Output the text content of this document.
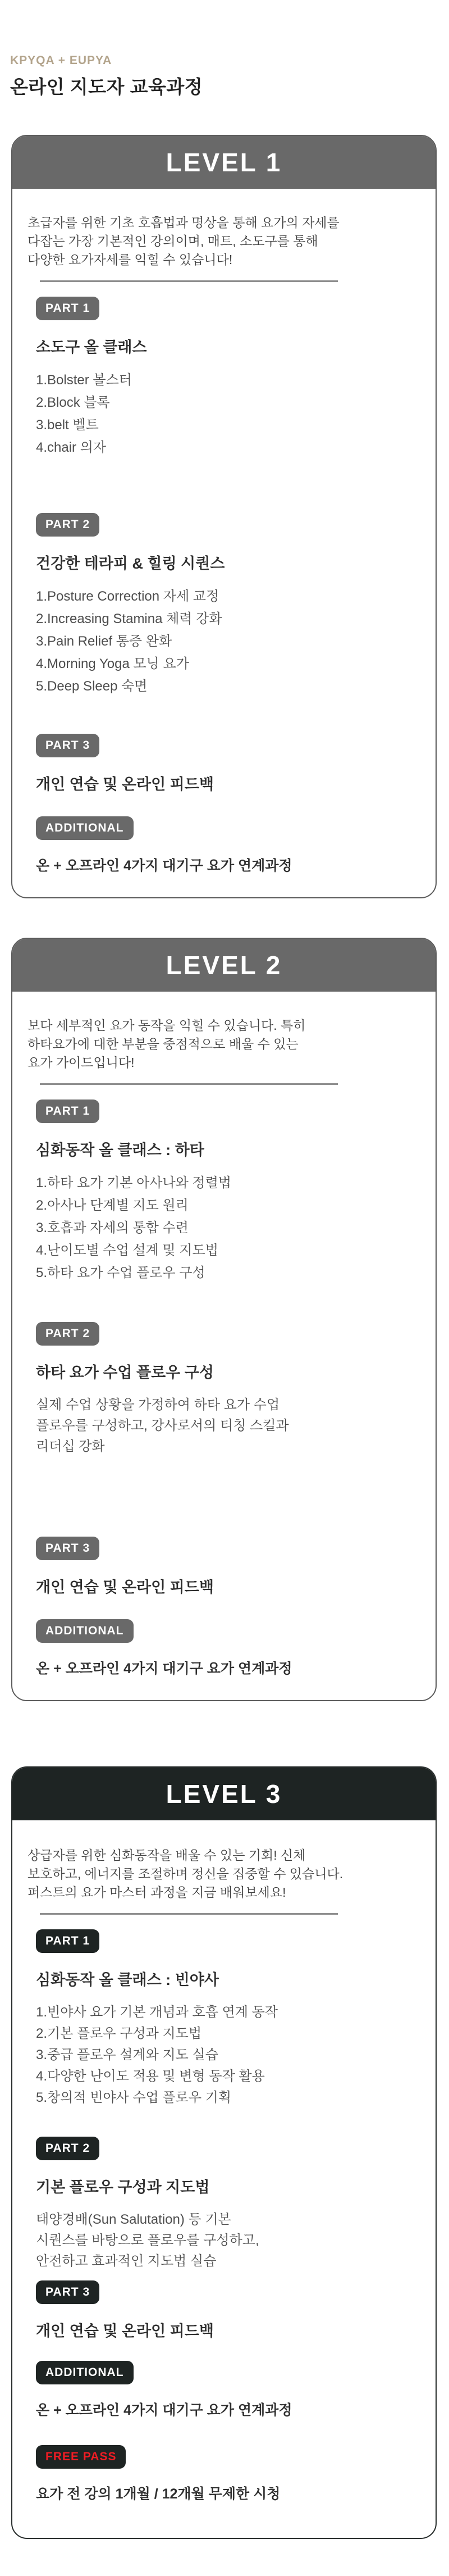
KPYQA + EUPYA
온라인 지도자 교육과정
LEVEL 1
초급자를 위한 기초 호흡법과 명상을 통해 요가의 자세를
다잡는 가장 기본적인 강의이며, 매트, 소도구를 통해
다양한 요가자세를 익힐 수 있습니다!
PART 1
소도구 올 클래스
1.Bolster 볼스터
2.Block 블록
3.belt 벨트
4.chair 의자
PART 2
건강한 테라피 & 힐링 시퀀스
1.Posture Correction 자세 교정
2.Increasing Stamina 체력 강화
3.Pain Relief 통증 완화
4.Morning Yoga 모닝 요가
5.Deep Sleep 숙면
PART 3
개인 연습 및 온라인 피드백
ADDITIONAL
온 + 오프라인 4가지 대기구 요가 연계과정
LEVEL 2
보다 세부적인 요가 동작을 익힐 수 있습니다. 특히
하타요가에 대한 부분을 중점적으로 배울 수 있는
요가 가이드입니다!
PART 1
심화동작 올 클래스 : 하타
1.하타 요가 기본 아사나와 정렬법
2.아사나 단계별 지도 원리
3.호흡과 자세의 통합 수련
4.난이도별 수업 설계 및 지도법
5.하타 요가 수업 플로우 구성
PART 2
하타 요가 수업 플로우 구성
실제 수업 상황을 가정하여 하타 요가 수업
플로우를 구성하고, 강사로서의 티칭 스킬과
리더십 강화
PART 3
개인 연습 및 온라인 피드백
ADDITIONAL
온 + 오프라인 4가지 대기구 요가 연계과정
LEVEL 3
상급자를 위한 심화동작을 배울 수 있는 기회! 신체
보호하고, 에너지를 조절하며 정신을 집중할 수 있습니다.
퍼스트의 요가 마스터 과정을 지금 배워보세요!
PART 1
심화동작 올 클래스 : 빈야사
1.빈야사 요가 기본 개념과 호흡 연계 동작
2.기본 플로우 구성과 지도법
3.중급 플로우 설계와 지도 실습
4.다양한 난이도 적용 및 변형 동작 활용
5.창의적 빈야사 수업 플로우 기획
PART 2
기본 플로우 구성과 지도법
태양경배(Sun Salutation) 등 기본
시퀀스를 바탕으로 플로우를 구성하고,
안전하고 효과적인 지도법 실습
PART 3
개인 연습 및 온라인 피드백
ADDITIONAL
온 + 오프라인 4가지 대기구 요가 연계과정
FREE PASS
요가 전 강의 1개월 / 12개월 무제한 시청
